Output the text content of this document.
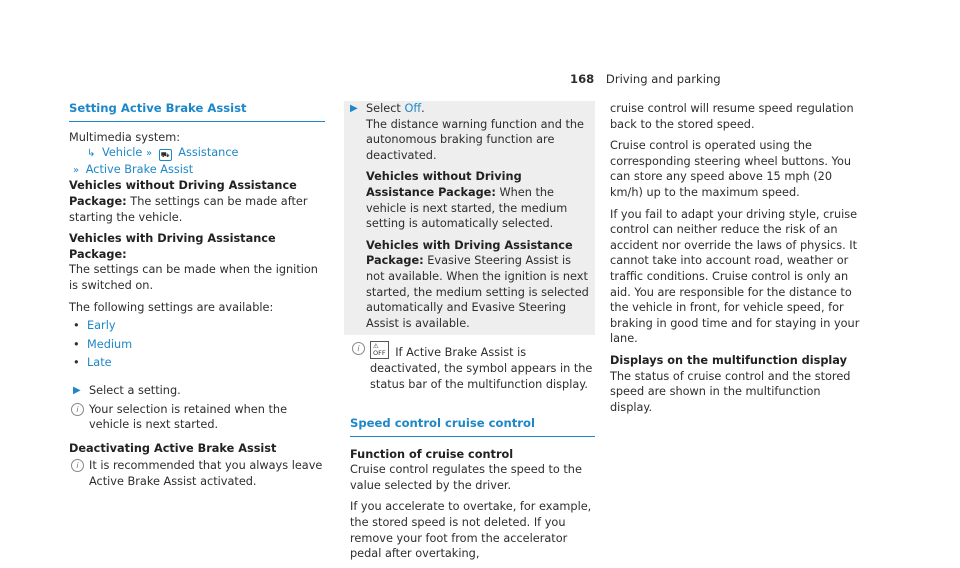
168 Driving and parking
Setting Active Brake Assist

Multimedia system:

↳ Vehicle » ⛟ Assistance

» Active Brake Assist

Vehicles without Driving Assistance Package: The settings can be made after starting the vehicle.

Vehicles with Driving Assistance Package:
The settings can be made when the ignition is switched on.

The following settings are available:

• Early
• Medium
• Late
▶ Select a setting.
i Your selection is retained when the vehicle is next started.

Deactivating Active Brake Assist

i It is recommended that you always leave Active Brake Assist activated.
▶ Select Off.

The distance warning function and the autonomous braking function are deactivated.

Vehicles without Driving Assistance Package: When the vehicle is next started, the medium setting is automatically selected.

Vehicles with Driving Assistance Package: Evasive Steering Assist is not available. When the ignition is next started, the medium setting is selected automatically and Evasive Steering Assist is available.

i	⚠
OFF If Active Brake Assist is deactivated, the symbol appears in the status bar of the multifunction display.
Speed control cruise control

Function of cruise control

Cruise control regulates the speed to the value selected by the driver.

If you accelerate to overtake, for example, the stored speed is not deleted. If you remove your foot from the accelerator pedal after overtaking,

cruise control will resume speed regulation back to the stored speed.

Cruise control is operated using the corresponding steering wheel buttons. You can store any speed above 15 mph (20 km/h) up to the maximum speed.

If you fail to adapt your driving style, cruise control can neither reduce the risk of an accident nor override the laws of physics. It cannot take into account road, weather or traffic conditions. Cruise control is only an aid. You are responsible for the distance to the vehicle in front, for vehicle speed, for braking in good time and for staying in your lane.

Displays on the multifunction display

The status of cruise control and the stored speed are shown in the multifunction display.
